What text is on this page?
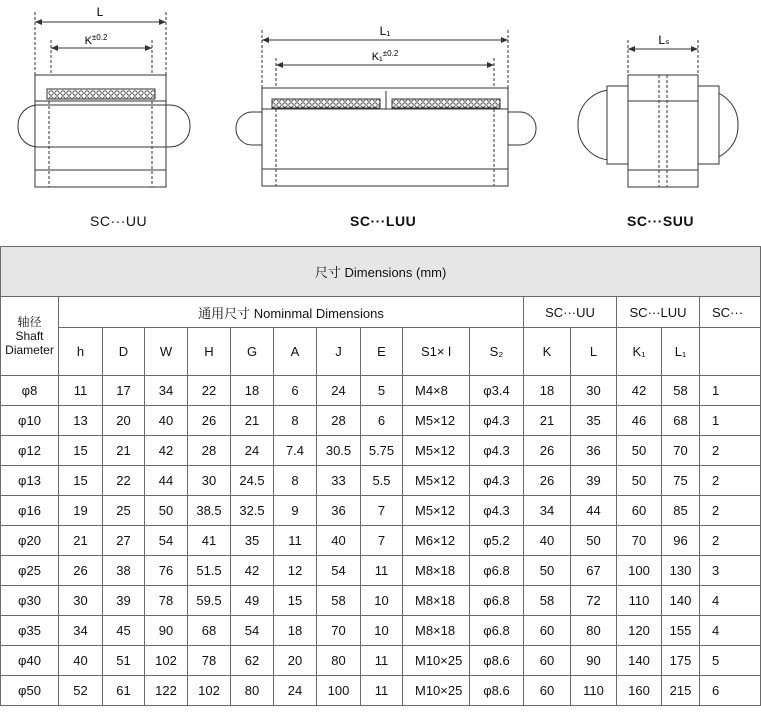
L
$K^{\pm 0.2}$	L₁
K₁$^{\pm 0.2}$
Lₛ
SC···UU	SC···LUU	SC···SUU
尺寸 Dimensions (mm)															
轴径
Shaft
Diameter	通用尺寸 Nominmal Dimensions										SC···UU		SC···LUU		SC···
	h	D	W	H	G	A	J	E	S1× l	S₂	K	L	K₁	L₁	
φ8	11	17	34	22	18	6	24	5	M4×8	φ3.4	18	30	42	58	1
φ10	13	20	40	26	21	8	28	6	M5×12	φ4.3	21	35	46	68	1
φ12	15	21	42	28	24	7.4	30.5	5.75	M5×12	φ4.3	26	36	50	70	2
φ13	15	22	44	30	24.5	8	33	5.5	M5×12	φ4.3	26	39	50	75	2
φ16	19	25	50	38.5	32.5	9	36	7	M5×12	φ4.3	34	44	60	85	2
φ20	21	27	54	41	35	11	40	7	M6×12	φ5.2	40	50	70	96	2
φ25	26	38	76	51.5	42	12	54	11	M8×18	φ6.8	50	67	100	130	3
φ30	30	39	78	59.5	49	15	58	10	M8×18	φ6.8	58	72	110	140	4
φ35	34	45	90	68	54	18	70	10	M8×18	φ6.8	60	80	120	155	4
φ40	40	51	102	78	62	20	80	11	M10×25	φ8.6	60	90	140	175	5
φ50	52	61	122	102	80	24	100	11	M10×25	φ8.6	60	110	160	215	6
